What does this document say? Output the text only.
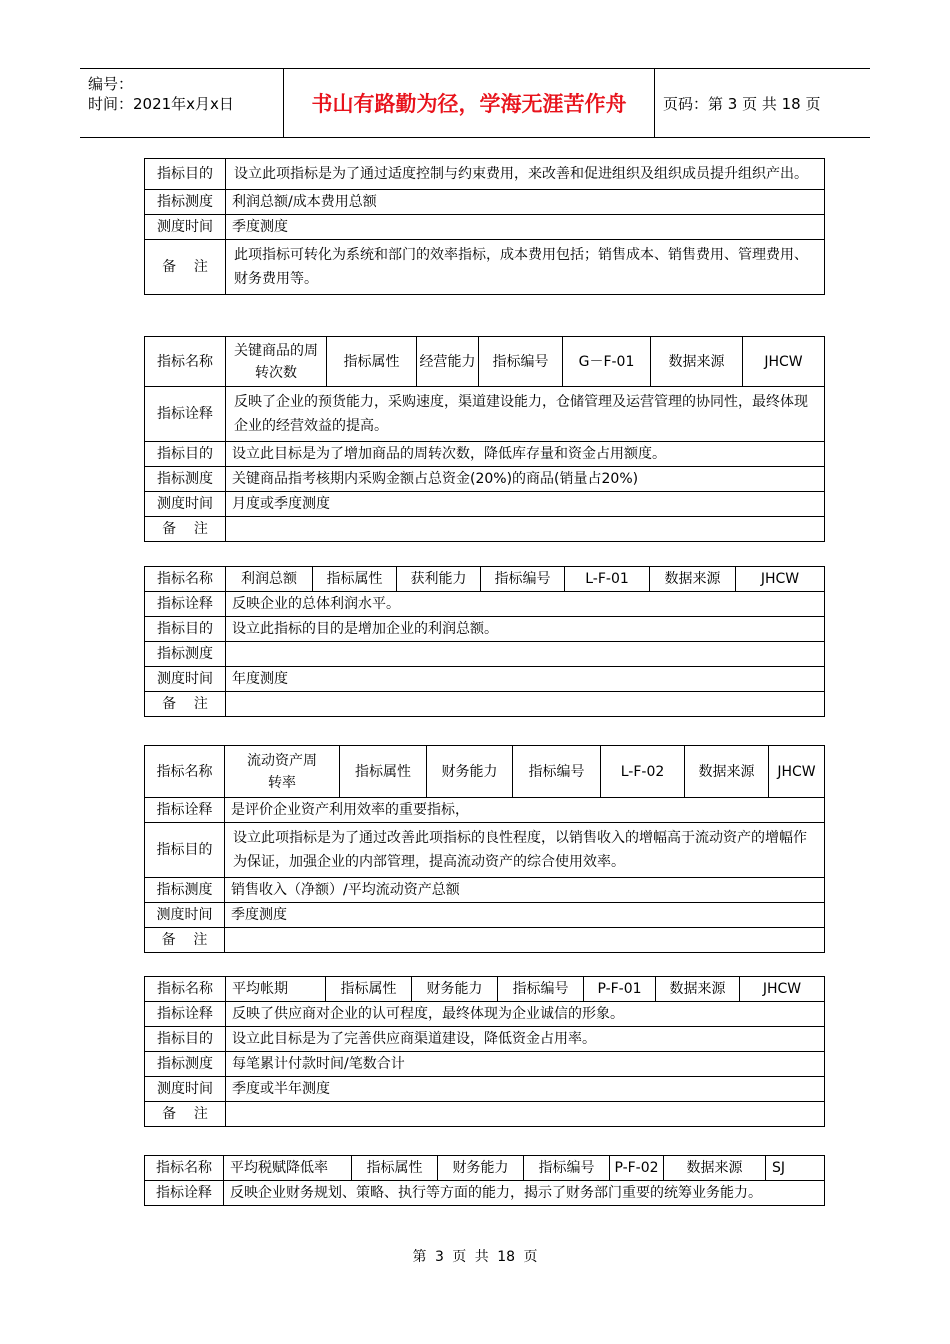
编号：
时间：2021年x月x日	书山有路勤为径，学海无涯苦作舟	页码：第 3 页 共 18 页
指标目的	设立此项指标是为了通过适度控制与约束费用，来改善和促进组织及组织成员提升组织产出。
指标测度	利润总额/成本费用总额
测度时间	季度测度
备    注	此项指标可转化为系统和部门的效率指标，成本费用包括；销售成本、销售费用、管理费用、财务费用等。
指标名称	关键商品的周转次数	指标属性	经营能力	指标编号	G－F-01	数据来源	JHCW
指标诠释	反映了企业的预货能力，采购速度，渠道建设能力，仓储管理及运营管理的协同性，最终体现企业的经营效益的提高。						
指标目的	设立此目标是为了增加商品的周转次数，降低库存量和资金占用额度。						
指标测度	关键商品指考核期内采购金额占总资金(20%)的商品(销量占20%)						
测度时间	月度或季度测度						
备    注							
指标名称	利润总额	指标属性	获利能力	指标编号	L-F-01	数据来源	JHCW
指标诠释	反映企业的总体利润水平。						
指标目的	设立此指标的目的是增加企业的利润总额。						
指标测度							
测度时间	年度测度						
备    注							
指标名称	流动资产周转率	指标属性	财务能力	指标编号	L-F-02	数据来源	JHCW
指标诠释	是评价企业资产利用效率的重要指标，						
指标目的	设立此项指标是为了通过改善此项指标的良性程度，以销售收入的增幅高于流动资产的增幅作为保证，加强企业的内部管理，提高流动资产的综合使用效率。						
指标测度	销售收入（净额）/平均流动资产总额						
测度时间	季度测度						
备    注							
指标名称	平均帐期	指标属性	财务能力	指标编号	P-F-01	数据来源	JHCW
指标诠释	反映了供应商对企业的认可程度，最终体现为企业诚信的形象。						
指标目的	设立此目标是为了完善供应商渠道建设，降低资金占用率。						
指标测度	每笔累计付款时间/笔数合计						
测度时间	季度或半年测度						
备    注							
指标名称	平均税赋降低率	指标属性	财务能力	指标编号	P-F-02	数据来源	SJ
指标诠释	反映企业财务规划、策略、执行等方面的能力，揭示了财务部门重要的统筹业务能力。						
第 3 页 共 18 页
